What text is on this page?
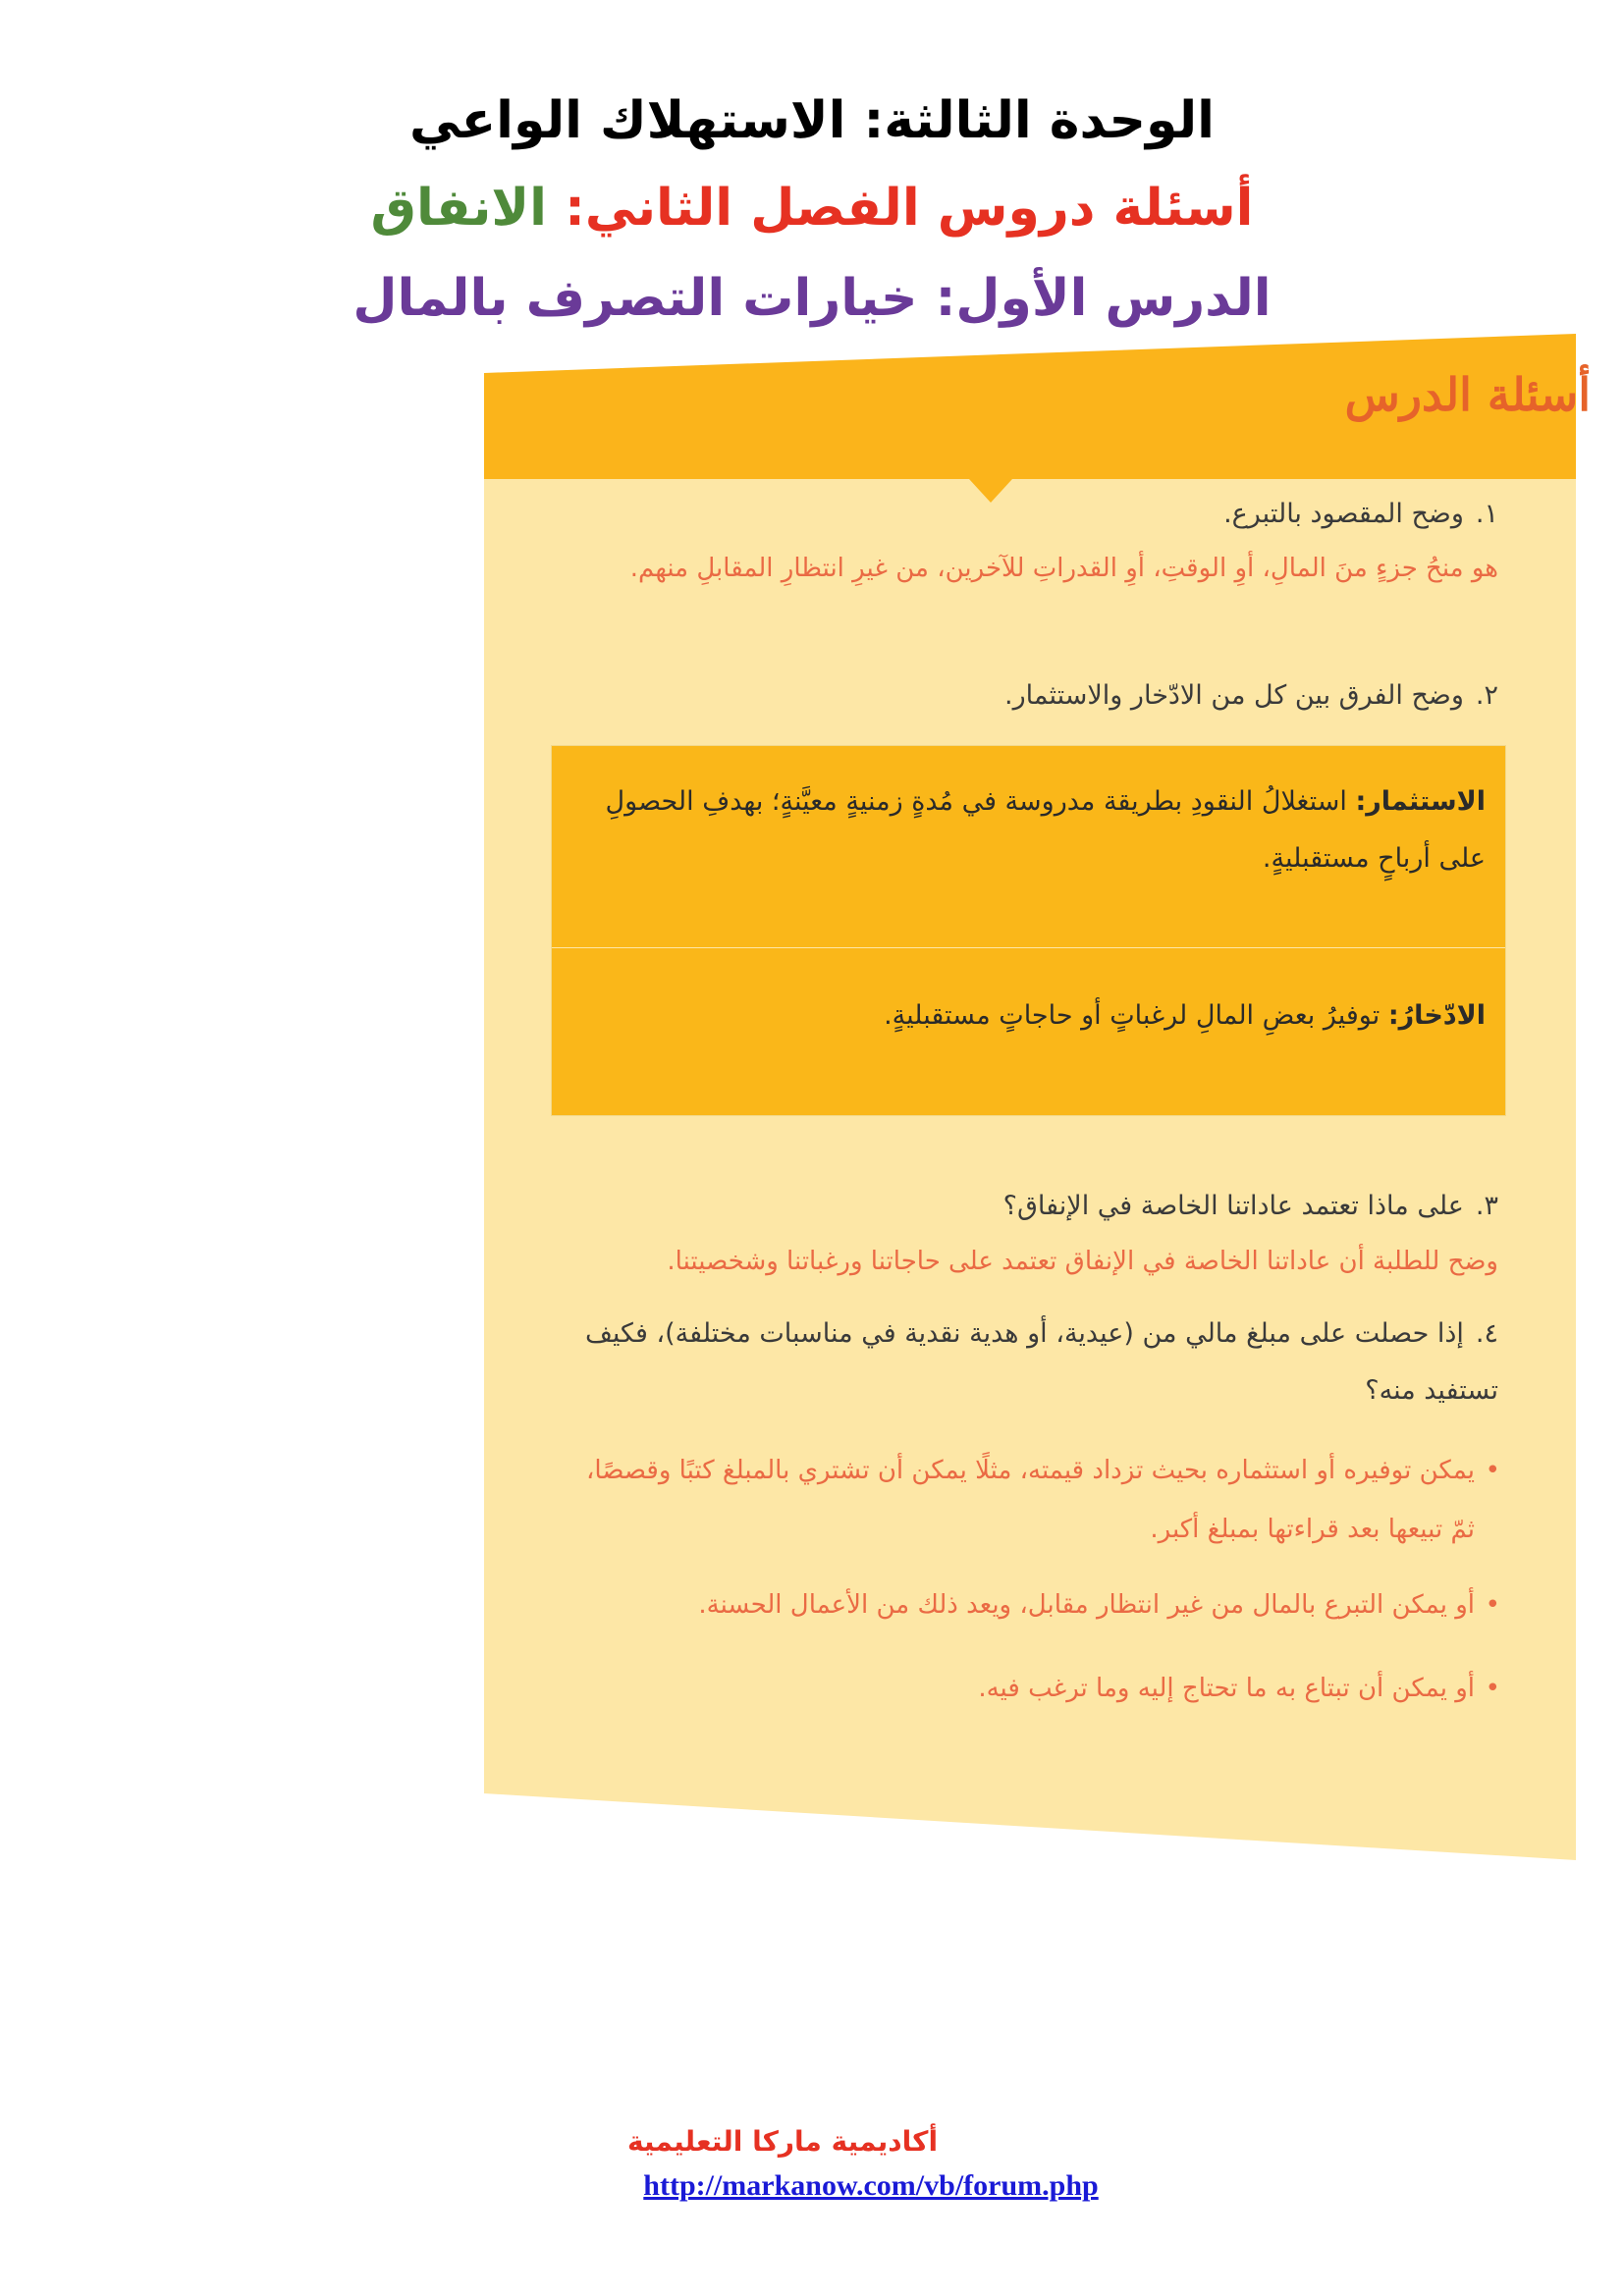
الوحدة الثالثة: الاستهلاك الواعي
أسئلة دروس الفصل الثاني: الانفاق
الدرس الأول: خيارات التصرف بالمال
أسئلة الدرس
١.وضح المقصود بالتبرع.
هو منحُ جزءٍ منَ المالِ، أوِ الوقتِ، أوِ القدراتِ للآخرين، من غيرِ انتظارِ المقابلِ منهم.
٢.وضح الفرق بين كل من الادّخار والاستثمار.
الاستثمار: استغلالُ النقودِ بطريقة مدروسة في مُدةٍ زمنيةٍ معيَّنةٍ؛ بهدفِ الحصولِ
على أرباحٍ مستقبليةٍ.
الادّخارُ: توفيرُ بعضِ المالِ لرغباتٍ أو حاجاتٍ مستقبليةٍ.
٣.على ماذا تعتمد عاداتنا الخاصة في الإنفاق؟
وضح للطلبة أن عاداتنا الخاصة في الإنفاق تعتمد على حاجاتنا ورغباتنا وشخصيتنا.
٤.إذا حصلت على مبلغ مالي من (عيدية، أو هدية نقدية في مناسبات مختلفة)، فكيف
تستفيد منه؟
•
يمكن توفيره أو استثماره بحيث تزداد قيمته، مثلًا يمكن أن تشتري بالمبلغ كتبًا وقصصًا،
ثمّ تبيعها بعد قراءتها بمبلغ أكبر.
•
أو يمكن التبرع بالمال من غير انتظار مقابل، ويعد ذلك من الأعمال الحسنة.
•
أو يمكن أن تبتاع به ما تحتاج إليه وما ترغب فيه.
أكاديمية ماركا التعليمية
http://markanow.com/vb/forum.php
